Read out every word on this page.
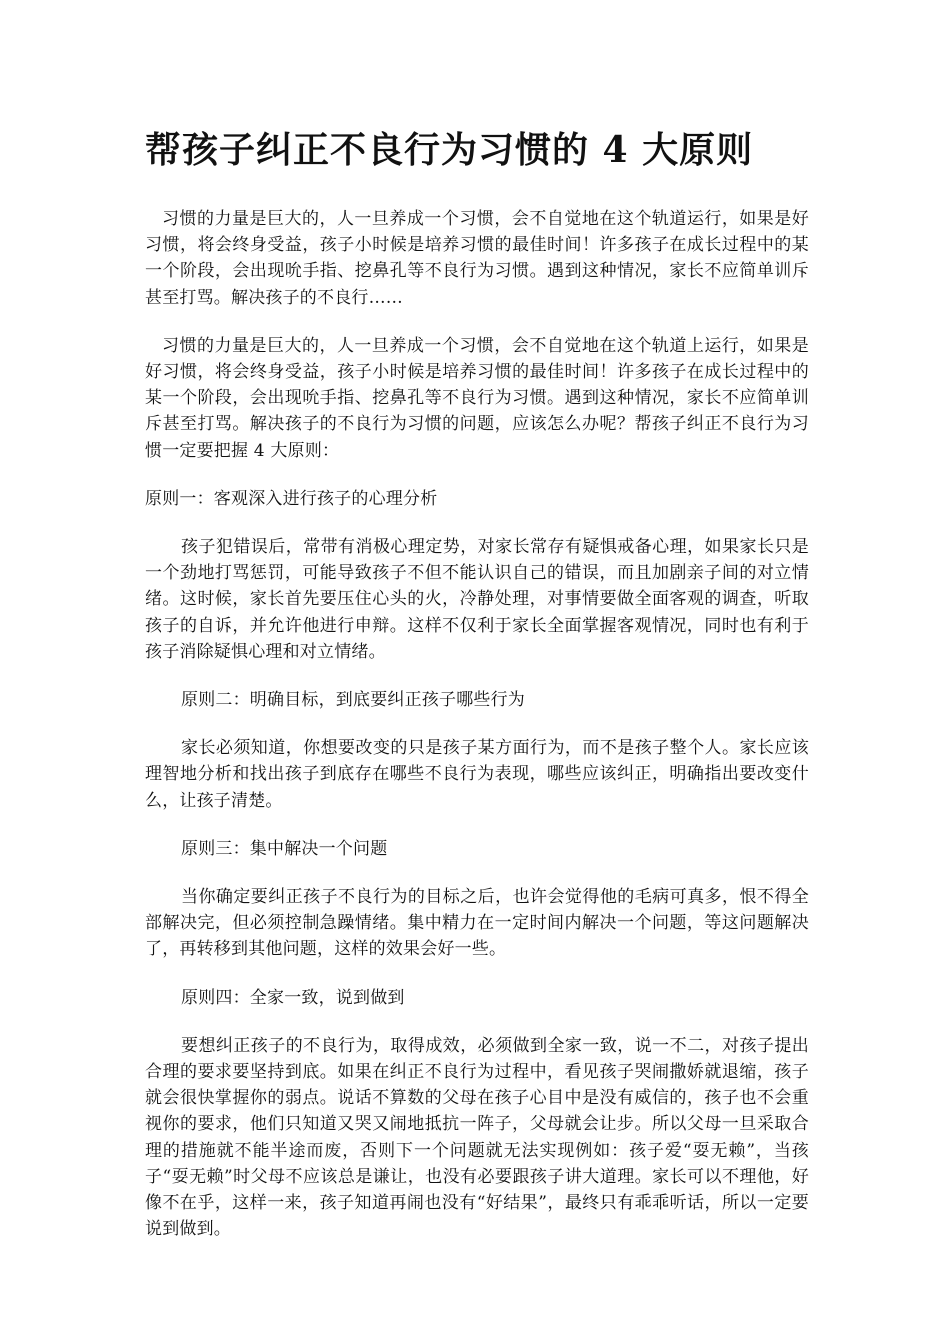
帮孩子纠正不良行为习惯的 4 大原则

习惯的力量是巨大的，人一旦养成一个习惯，会不自觉地在这个轨道运行，如果是好习惯，将会终身受益，孩子小时候是培养习惯的最佳时间！许多孩子在成长过程中的某一个阶段，会出现吮手指、挖鼻孔等不良行为习惯。遇到这种情况，家长不应简单训斥甚至打骂。解决孩子的不良行……

习惯的力量是巨大的，人一旦养成一个习惯，会不自觉地在这个轨道上运行，如果是好习惯，将会终身受益，孩子小时候是培养习惯的最佳时间！许多孩子在成长过程中的某一个阶段，会出现吮手指、挖鼻孔等不良行为习惯。遇到这种情况，家长不应简单训斥甚至打骂。解决孩子的不良行为习惯的问题，应该怎么办呢？帮孩子纠正不良行为习惯一定要把握 4 大原则：

原则一：客观深入进行孩子的心理分析

孩子犯错误后，常带有消极心理定势，对家长常存有疑惧戒备心理，如果家长只是一个劲地打骂惩罚，可能导致孩子不但不能认识自己的错误，而且加剧亲子间的对立情绪。这时候，家长首先要压住心头的火，冷静处理，对事情要做全面客观的调查，听取孩子的自诉，并允许他进行申辩。这样不仅利于家长全面掌握客观情况，同时也有利于孩子消除疑惧心理和对立情绪。

原则二：明确目标，到底要纠正孩子哪些行为

家长必须知道，你想要改变的只是孩子某方面行为，而不是孩子整个人。家长应该理智地分析和找出孩子到底存在哪些不良行为表现，哪些应该纠正，明确指出要改变什么，让孩子清楚。

原则三：集中解决一个问题

当你确定要纠正孩子不良行为的目标之后，也许会觉得他的毛病可真多，恨不得全部解决完，但必须控制急躁情绪。集中精力在一定时间内解决一个问题，等这问题解决了，再转移到其他问题，这样的效果会好一些。

原则四：全家一致，说到做到

要想纠正孩子的不良行为，取得成效，必须做到全家一致，说一不二，对孩子提出合理的要求要坚持到底。如果在纠正不良行为过程中，看见孩子哭闹撒娇就退缩，孩子就会很快掌握你的弱点。说话不算数的父母在孩子心目中是没有威信的，孩子也不会重视你的要求，他们只知道又哭又闹地抵抗一阵子，父母就会让步。所以父母一旦采取合理的措施就不能半途而废，否则下一个问题就无法实现例如：孩子爱“耍无赖”，当孩子“耍无赖”时父母不应该总是谦让，也没有必要跟孩子讲大道理。家长可以不理他，好像不在乎，这样一来，孩子知道再闹也没有“好结果”，最终只有乖乖听话，所以一定要说到做到。
